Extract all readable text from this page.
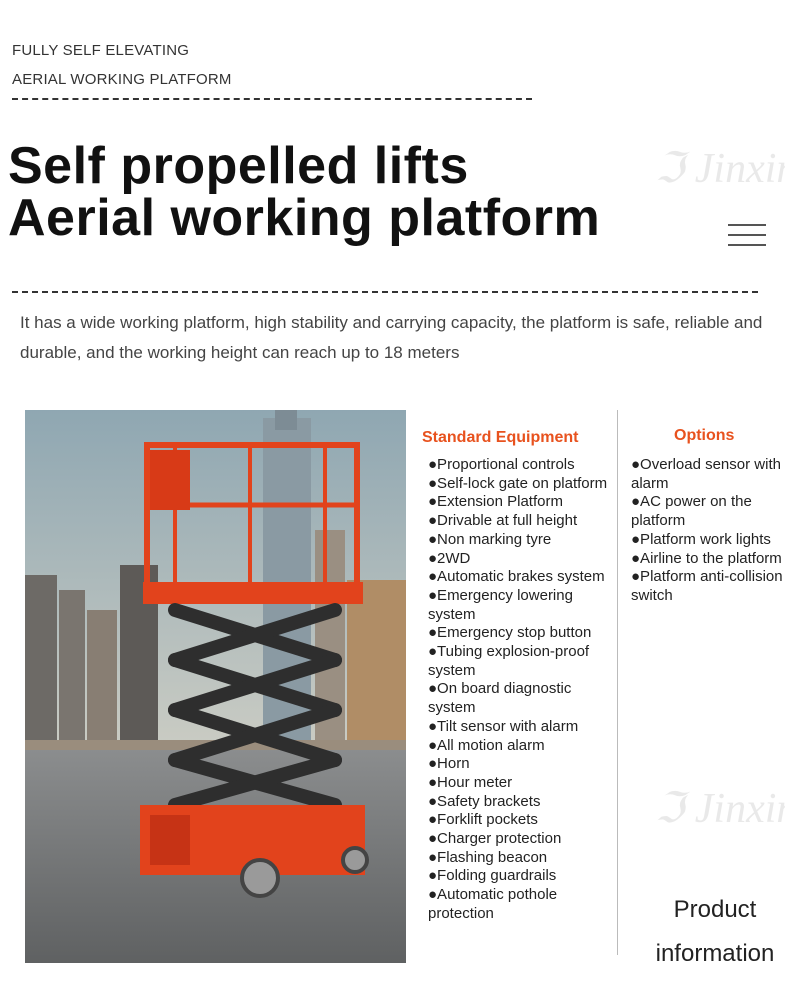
FULLY SELF ELEVATING
AERIAL WORKING PLATFORM
Self propelled lifts
Aerial working platform
It has a wide working platform, high stability and carrying capacity, the platform is safe, reliable and durable, and the working height can reach up to 18 meters
Standard Equipment
●Proportional controls
●Self-lock gate on platform
●Extension Platform
●Drivable at full height
●Non marking tyre
●2WD
●Automatic brakes system
●Emergency lowering system
●Emergency stop button
●Tubing explosion-proof system
●On board diagnostic system
●Tilt sensor with alarm
●All motion alarm
●Horn
●Hour meter
●Safety brackets
●Forklift pockets
●Charger protection
●Flashing beacon
●Folding guardrails
●Automatic pothole protection
Options
●Overload sensor with alarm
●AC power on the platform
●Platform work lights
●Airline to the platform
●Platform anti-collision switch
Product
information
ℑ Jinxin
ℑ Jinxin
